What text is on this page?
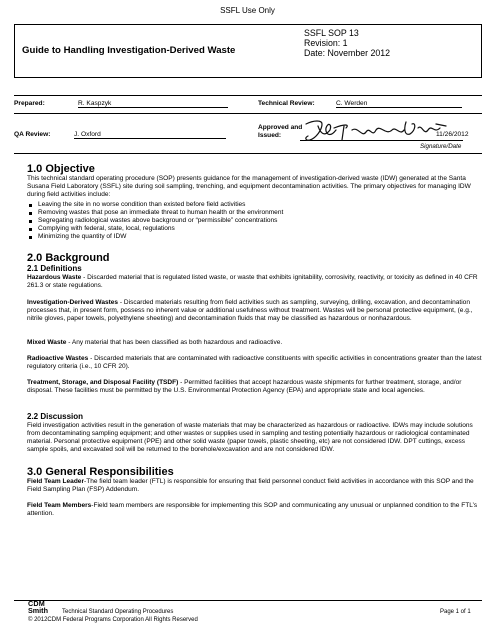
SSFL Use Only
Guide to Handling Investigation-Derived Waste
SSFL SOP 13
Revision: 1
Date: November 2012
Prepared:	R. Kaspzyk	Technical Review:	C. Werden
QA Review:	J. Oxford
Approved and
Issued:	11/26/2012
Signature/Date
1.0 Objective
This technical standard operating procedure (SOP) presents guidance for the management of investigation-derived waste (IDW) generated at the Santa Susana Field Laboratory (SSFL) site during soil sampling, trenching, and equipment decontamination activities. The primary objectives for managing IDW during field activities include:
Leaving the site in no worse condition than existed before field activities
Removing wastes that pose an immediate threat to human health or the environment
Segregating radiological wastes above background or “permissible” concentrations
Complying with federal, state, local, regulations
Minimizing the quantity of IDW
2.0 Background
2.1 Definitions
Hazardous Waste - Discarded material that is regulated listed waste, or waste that exhibits ignitability, corrosivity, reactivity, or toxicity as defined in 40 CFR 261.3 or state regulations.
Investigation-Derived Wastes - Discarded materials resulting from field activities such as sampling, surveying, drilling, excavation, and decontamination processes that, in present form, possess no inherent value or additional usefulness without treatment. Wastes will be personal protective equipment, (e.g., nitrile gloves, paper towels, polyethylene sheeting) and decontamination fluids that may be classified as hazardous or nonhazardous.
Mixed Waste - Any material that has been classified as both hazardous and radioactive.
Radioactive Wastes - Discarded materials that are contaminated with radioactive constituents with specific activities in concentrations greater than the latest regulatory criteria (i.e., 10 CFR 20).
Treatment, Storage, and Disposal Facility (TSDF) - Permitted facilities that accept hazardous waste shipments for further treatment, storage, and/or disposal. These facilities must be permitted by the U.S. Environmental Protection Agency (EPA) and appropriate state and local agencies.
2.2 Discussion
Field investigation activities result in the generation of waste materials that may be characterized as hazardous or radioactive. IDWs may include solutions from decontaminating sampling equipment; and other wastes or supplies used in sampling and testing potentially hazardous or radiological contaminated material. Personal protective equipment (PPE) and other solid waste (paper towels, plastic sheeting, etc) are not considered IDW. DPT cuttings, excess sample spoils, and excavated soil will be returned to the borehole/excavation and are not considered IDW.
3.0 General Responsibilities
Field Team Leader-The field team leader (FTL) is responsible for ensuring that field personnel conduct field activities in accordance with this SOP and the Field Sampling Plan (FSP) Addendum.
Field Team Members-Field team members are responsible for implementing this SOP and communicating any unusual or unplanned condition to the FTL’s attention.
CDM
Smith Technical Standard Operating Procedures	Page 1 of 1
© 2012CDM Federal Programs Corporation All Rights Reserved
